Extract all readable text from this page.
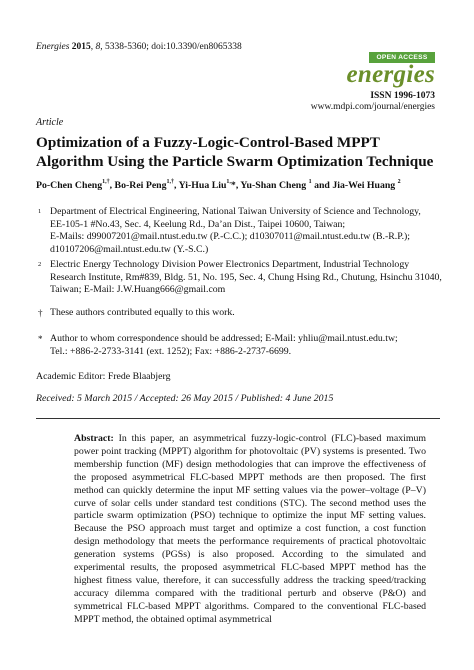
Energies 2015, 8, 5338-5360; doi:10.3390/en8065338
OPEN ACCESS
energies
ISSN 1996-1073
www.mdpi.com/journal/energies
Article
Optimization of a Fuzzy-Logic-Control-Based MPPT Algorithm Using the Particle Swarm Optimization Technique
Po-Chen Cheng$^{1,\dagger}$, Bo-Rei Peng$^{1,\dagger}$, Yi-Hua Liu$^{1,}$*, Yu-Shan Cheng $^1$ and Jia-Wei Huang $^2$
1 Department of Electrical Engineering, National Taiwan University of Science and Technology,
EE-105-1 #No.43, Sec. 4, Keelung Rd., Da’an Dist., Taipei 10600, Taiwan;
E-Mails: d99007201@mail.ntust.edu.tw (P.-C.C.); d10307011@mail.ntust.edu.tw (B.-R.P.);
d10107206@mail.ntust.edu.tw (Y.-S.C.)
2 Electric Energy Technology Division Power Electronics Department, Industrial Technology
Research Institute, Rm#839, Bldg. 51, No. 195, Sec. 4, Chung Hsing Rd., Chutung, Hsinchu 31040,
Taiwan; E-Mail: J.W.Huang666@gmail.com
† These authors contributed equally to this work.
* Author to whom correspondence should be addressed; E-Mail: yhliu@mail.ntust.edu.tw;
Tel.: +886-2-2733-3141 (ext. 1252); Fax: +886-2-2737-6699.
Academic Editor: Frede Blaabjerg
Received: 5 March 2015 / Accepted: 26 May 2015 / Published: 4 June 2015
Abstract: In this paper, an asymmetrical fuzzy-logic-control (FLC)-based maximum power point tracking (MPPT) algorithm for photovoltaic (PV) systems is presented. Two membership function (MF) design methodologies that can improve the effectiveness of the proposed asymmetrical FLC-based MPPT methods are then proposed. The first method can quickly determine the input MF setting values via the power–voltage (P–V) curve of solar cells under standard test conditions (STC). The second method uses the particle swarm optimization (PSO) technique to optimize the input MF setting values. Because the PSO approach must target and optimize a cost function, a cost function design methodology that meets the performance requirements of practical photovoltaic generation systems (PGSs) is also proposed. According to the simulated and experimental results, the proposed asymmetrical FLC-based MPPT method has the highest fitness value, therefore, it can successfully address the tracking speed/tracking accuracy dilemma compared with the traditional perturb and observe (P&O) and symmetrical FLC-based MPPT algorithms. Compared to the conventional FLC-based MPPT method, the obtained optimal asymmetrical
